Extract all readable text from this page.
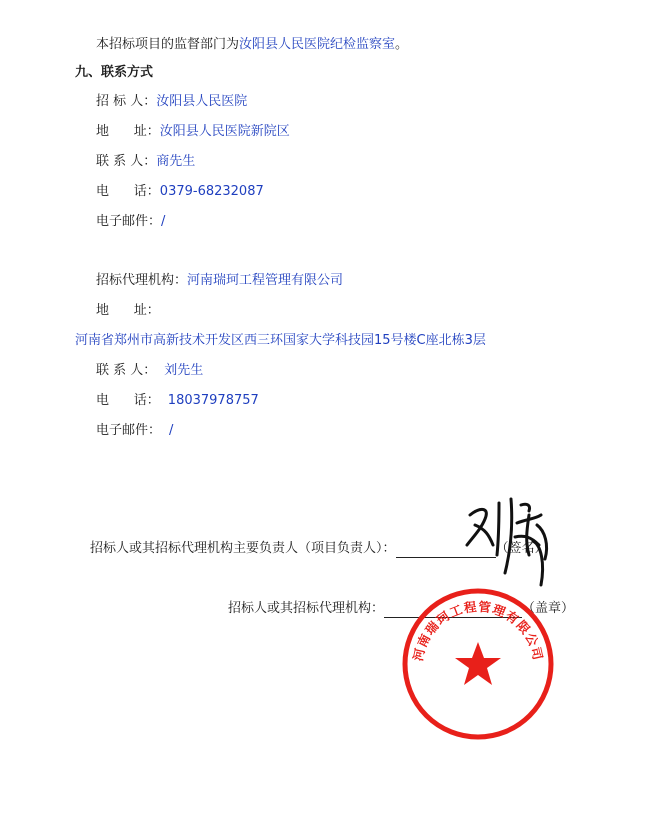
本招标项目的监督部门为汝阳县人民医院纪检监察室。
九、联系方式
招 标 人：汝阳县人民医院
地      址：汝阳县人民医院新院区
联 系 人：商先生
电      话：0379-68232087
电子邮件：/
招标代理机构：河南瑞珂工程管理有限公司
地      址：
河南省郑州市高新技术开发区西三环国家大学科技园15号楼C座北栋3层
联 系 人： 刘先生
电      话： 18037978757
电子邮件： /
招标人或其招标代理机构主要负责人（项目负责人）：	（签名）
招标人或其招标代理机构：	（盖章）
河南瑞珂工程管理有限公司
